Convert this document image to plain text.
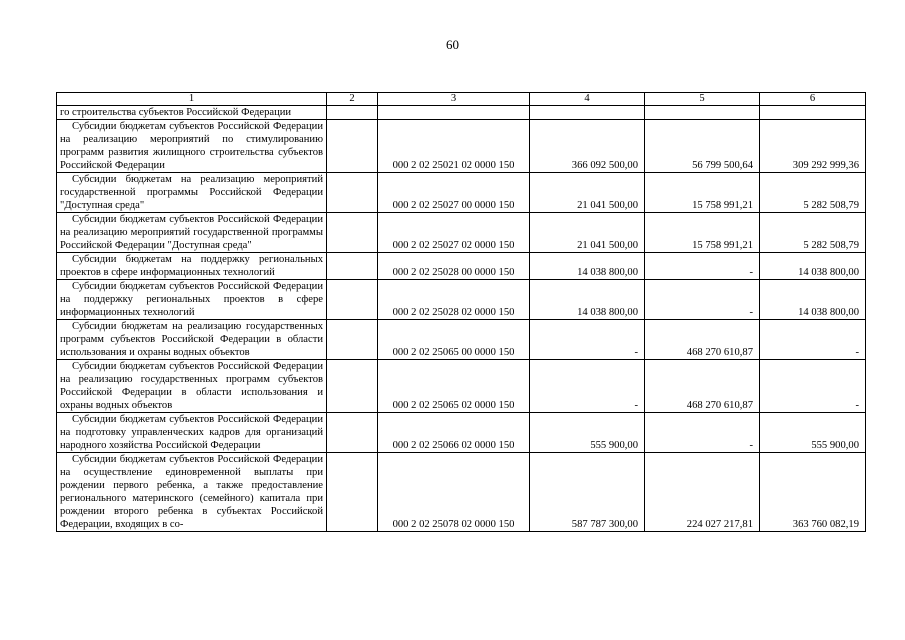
60
1	2	3	4	5	6

го строительства субъектов Российской Федерации					

Субсидии бюджетам субъектов Российской Федерации на реализацию мероприятий по стимулированию программ развития жилищного строительства субъектов Российской Федерации		000 2 02 25021 02 0000 150	366 092 500,00	56 799 500,64	309 292 999,36

Субсидии бюджетам на реализацию мероприятий государственной программы Российской Федерации "Доступная среда"		000 2 02 25027 00 0000 150	21 041 500,00	15 758 991,21	5 282 508,79

Субсидии бюджетам субъектов Российской Федерации на реализацию мероприятий государственной программы Российской Федерации "Доступная среда"		000 2 02 25027 02 0000 150	21 041 500,00	15 758 991,21	5 282 508,79

Субсидии бюджетам на поддержку региональных проектов в сфере информационных технологий		000 2 02 25028 00 0000 150	14 038 800,00	-	14 038 800,00

Субсидии бюджетам субъектов Российской Федерации на поддержку региональных проектов в сфере информационных технологий		000 2 02 25028 02 0000 150	14 038 800,00	-	14 038 800,00

Субсидии бюджетам на реализацию государственных программ субъектов Российской Федерации в области использования и охраны водных объектов		000 2 02 25065 00 0000 150	-	468 270 610,87	-

Субсидии бюджетам субъектов Российской Федерации на реализацию государственных программ субъектов Российской Федерации в области использования и охраны водных объектов		000 2 02 25065 02 0000 150	-	468 270 610,87	-

Субсидии бюджетам субъектов Российской Федерации на подготовку управленческих кадров для организаций народного хозяйства Российской Федерации		000 2 02 25066 02 0000 150	555 900,00	-	555 900,00

Субсидии бюджетам субъектов Российской Федерации на осуществление единовременной выплаты при рождении первого ребенка, а также предоставление регионального материнского (семейного) капитала при рождении второго ребенка в субъектах Российской Федерации, входящих в со-		000 2 02 25078 02 0000 150	587 787 300,00	224 027 217,81	363 760 082,19
